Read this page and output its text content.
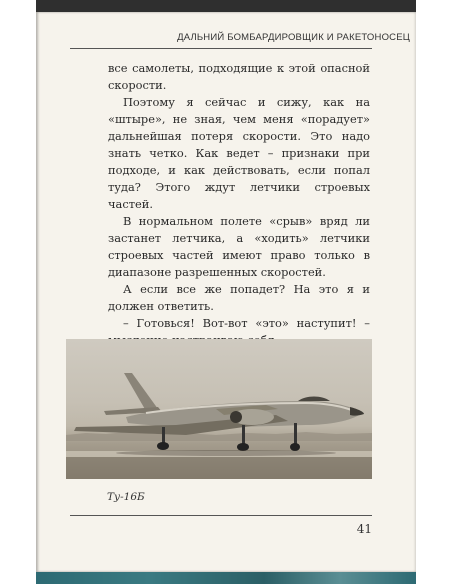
ДАЛЬНИЙ БОМБАРДИРОВЩИК И РАКЕТОНОСЕЦ

все самолеты, подходящие к этой опасной скорости.

Поэтому я сейчас и сижу, как на «штыре», не зная, чем меня «порадует» дальнейшая потеря скорости. Это надо знать четко. Как ведет – признаки при подходе, и как действовать, если попал туда? Этого ждут летчики строевых частей.

В нормальном полете «срыв» вряд ли застанет летчика, а «ходить» летчики строевых частей имеют право только в диапазоне разрешенных скоростей.

А если все же попадет? На это я и должен ответить.

– Готовься! Вот-вот «это» наступит! –

Ту-16Б
41
